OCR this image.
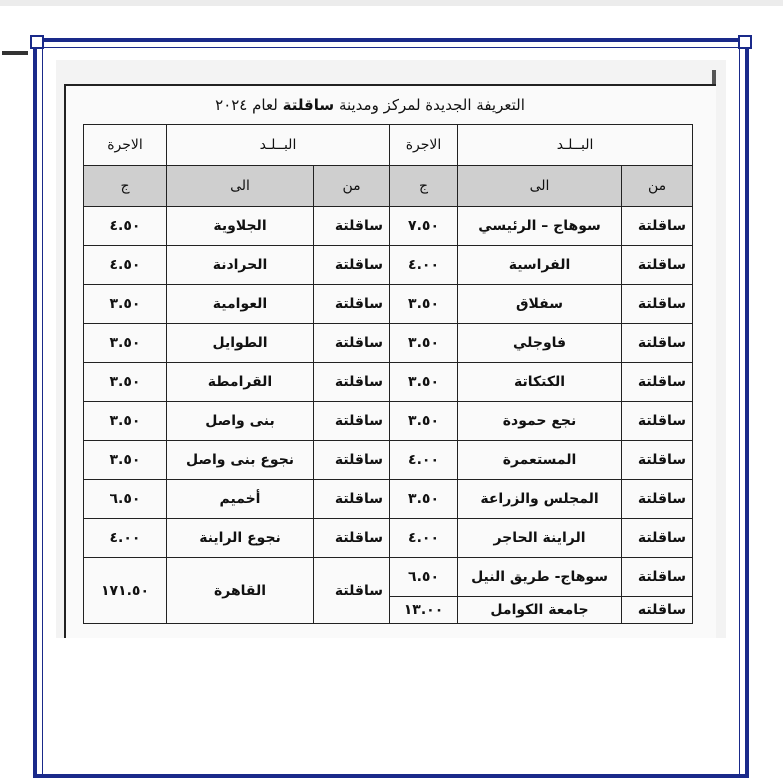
التعريفة الجديدة لمركز ومدينة ساقلتة لعام ٢٠٢٤
البــلـد		الاجرة	البــلـد		الاجرة
من	الى	ج	من	الى	ج
ساقلتة	سوهاج – الرئيسي	٧.٥٠	ساقلتة	الجلاوية	٤.٥٠
ساقلتة	الفراسية	٤.٠٠	ساقلتة	الحرادنة	٤.٥٠
ساقلتة	سفلاق	٣.٥٠	ساقلتة	العوامية	٣.٥٠
ساقلتة	فاوجلي	٣.٥٠	ساقلتة	الطوايل	٣.٥٠
ساقلتة	الكتكاتة	٣.٥٠	ساقلتة	القرامطة	٣.٥٠
ساقلتة	نجع حمودة	٣.٥٠	ساقلتة	بنى واصل	٣.٥٠
ساقلتة	المستعمرة	٤.٠٠	ساقلتة	نجوع بنى واصل	٣.٥٠
ساقلتة	المجلس والزراعة	٣.٥٠	ساقلتة	أخميم	٦.٥٠
ساقلتة	الراينة الحاجر	٤.٠٠	ساقلتة	نجوع الراينة	٤.٠٠
ساقلتة	سوهاج- طريق النيل	٦.٥٠	ساقلتة	القاهرة	١٧١.٥٠
ساقلته	جامعة الكوامل	١٣.٠٠			
